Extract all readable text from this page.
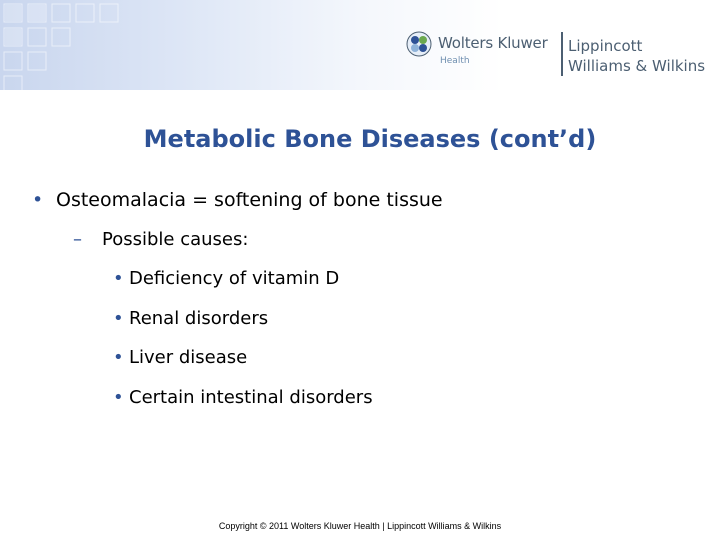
Wolters Kluwer
Health
Lippincott
Williams & Wilkins
Metabolic Bone Diseases (cont’d)
• Osteomalacia = softening of bone tissue
– Possible causes:
• Deficiency of vitamin D
• Renal disorders
• Liver disease
• Certain intestinal disorders
Copyright © 2011 Wolters Kluwer Health | Lippincott Williams & Wilkins
